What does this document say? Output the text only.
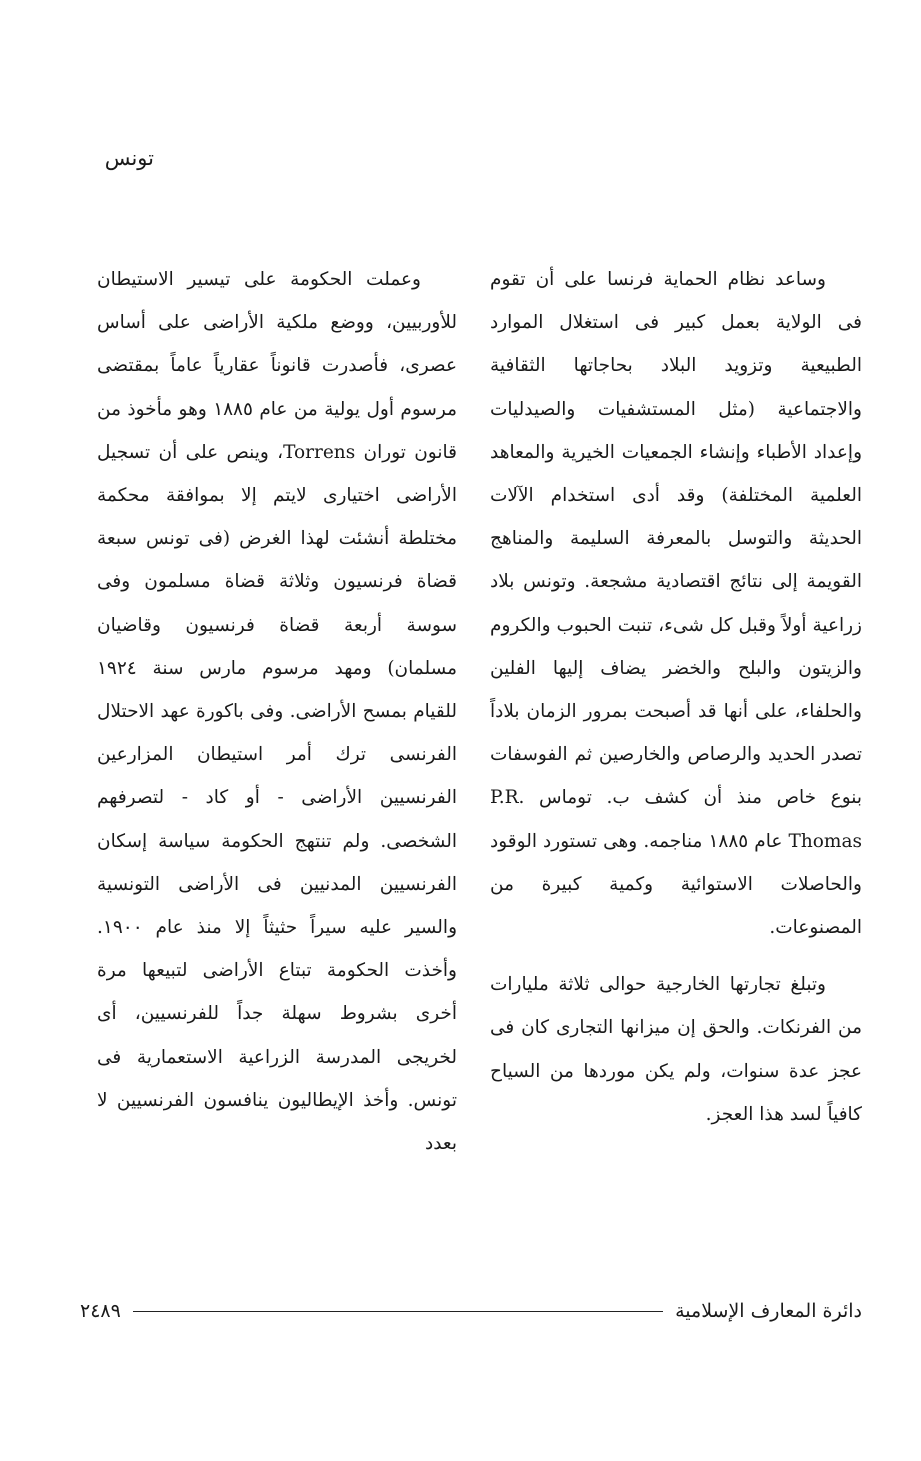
تونس

وساعد نظام الحماية فرنسا على أن تقوم فى الولاية بعمل كبير فى استغلال الموارد الطبيعية وتزويد البلاد بحاجاتها الثقافية والاجتماعية (مثل المستشفيات والصيدليات وإعداد الأطباء وإنشاء الجمعيات الخيرية والمعاهد العلمية المختلفة) وقد أدى استخدام الآلات الحديثة والتوسل بالمعرفة السليمة والمناهج القويمة إلى نتائج اقتصادية مشجعة. وتونس بلاد زراعية أولاً وقبل كل شىء، تنبت الحبوب والكروم والزيتون والبلح والخضر يضاف إليها الفلين والحلفاء، على أنها قد أصبحت بمرور الزمان بلاداً تصدر الحديد والرصاص والخارصين ثم الفوسفات بنوع خاص منذ أن كشف ب. توماس P.R. Thomas عام ١٨٨٥ مناجمه. وهى تستورد الوقود والحاصلات الاستوائية وكمية كبيرة من المصنوعات.

وتبلغ تجارتها الخارجية حوالى ثلاثة مليارات من الفرنكات. والحق إن ميزانها التجارى كان فى عجز عدة سنوات، ولم يكن موردها من السياح كافياً لسد هذا العجز.

وعملت الحكومة على تيسير الاستيطان للأوربيين، ووضع ملكية الأراضى على أساس عصرى، فأصدرت قانوناً عقارياً عاماً بمقتضى مرسوم أول يولية من عام ١٨٨٥ وهو مأخوذ من قانون توران Torrens، وينص على أن تسجيل الأراضى اختيارى لايتم إلا بموافقة محكمة مختلطة أنشئت لهذا الغرض (فى تونس سبعة قضاة فرنسيون وثلاثة قضاة مسلمون وفى سوسة أربعة قضاة فرنسيون وقاضيان مسلمان) ومهد مرسوم مارس سنة ١٩٢٤ للقيام بمسح الأراضى. وفى باكورة عهد الاحتلال الفرنسى ترك أمر استيطان المزارعين الفرنسيين الأراضى - أو كاد - لتصرفهم الشخصى. ولم تنتهج الحكومة سياسة إسكان الفرنسيين المدنيين فى الأراضى التونسية والسير عليه سيراً حثيثاً إلا منذ عام ١٩٠٠. وأخذت الحكومة تبتاع الأراضى لتبيعها مرة أخرى بشروط سهلة جداً للفرنسيين، أى لخريجى المدرسة الزراعية الاستعمارية فى تونس. وأخذ الإيطاليون ينافسون الفرنسيين لا بعدد

دائرة المعارف الإسلامية
٢٤٨٩
